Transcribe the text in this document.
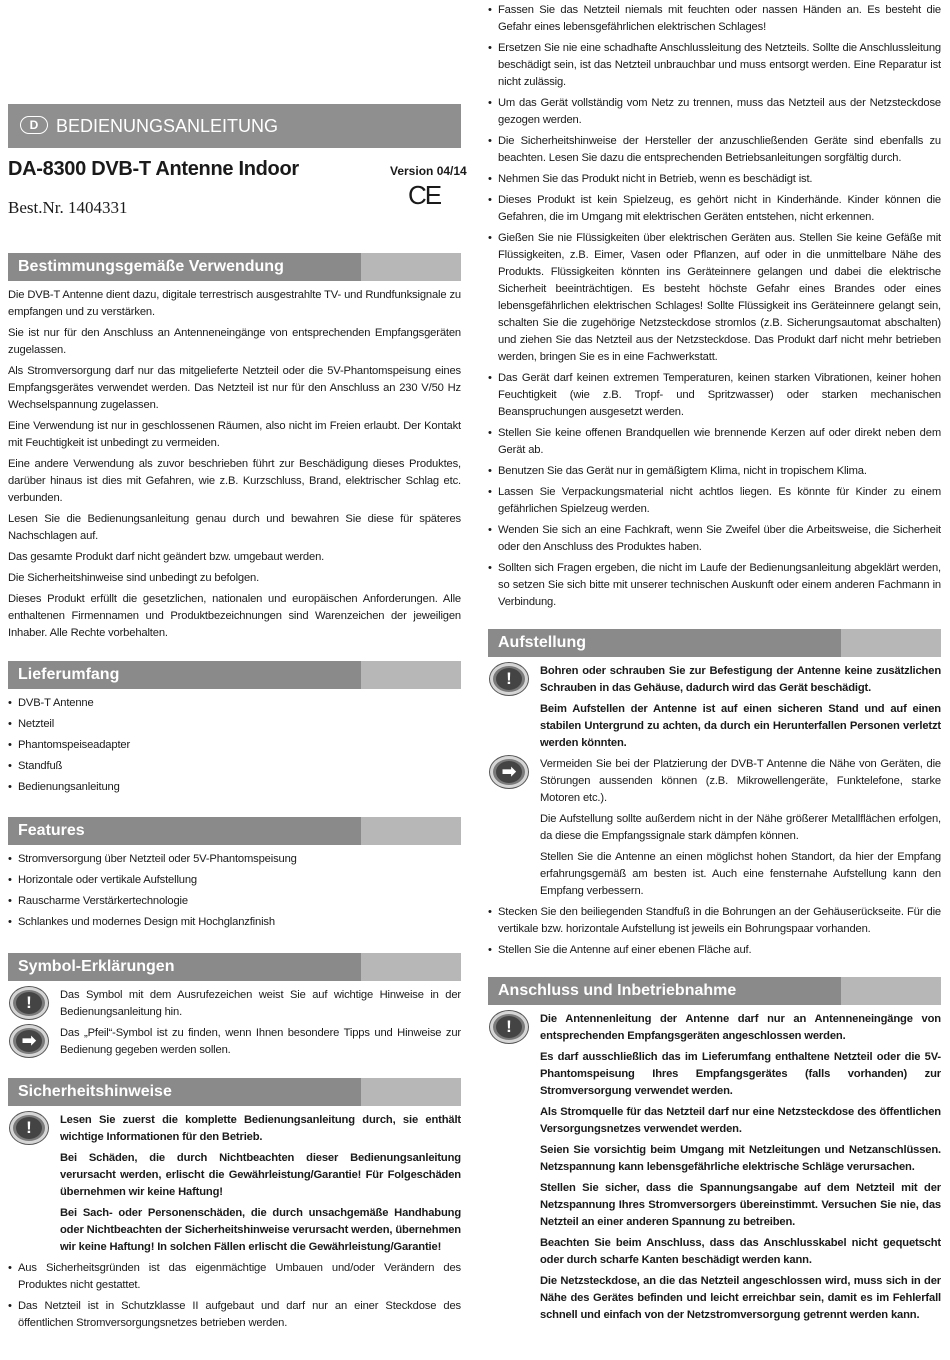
D BEDIENUNGSANLEITUNG
DA-8300 DVB-T Antenne Indoor
Best.Nr. 1404331
Version 04/14
CE
Bestimmungsgemäße Verwendung

Die DVB-T Antenne dient dazu, digitale terrestrisch ausgestrahlte TV- und Rundfunksignale zu empfangen und zu verstärken.

Sie ist nur für den Anschluss an Antenneneingänge von entsprechenden Empfangsgeräten zugelassen.

Als Stromversorgung darf nur das mitgelieferte Netzteil oder die 5V-Phantomspeisung eines Empfangsgerätes verwendet werden. Das Netzteil ist nur für den Anschluss an 230 V/50 Hz Wechselspannung zugelassen.

Eine Verwendung ist nur in geschlossenen Räumen, also nicht im Freien erlaubt. Der Kontakt mit Feuchtigkeit ist unbedingt zu vermeiden.

Eine andere Verwendung als zuvor beschrieben führt zur Beschädigung dieses Produktes, darüber hinaus ist dies mit Gefahren, wie z.B. Kurzschluss, Brand, elektrischer Schlag etc. verbunden.

Lesen Sie die Bedienungsanleitung genau durch und bewahren Sie diese für späteres Nachschlagen auf.

Das gesamte Produkt darf nicht geändert bzw. umgebaut werden.

Die Sicherheitshinweise sind unbedingt zu befolgen.

Dieses Produkt erfüllt die gesetzlichen, nationalen und europäischen Anforderungen. Alle enthaltenen Firmennamen und Produktbezeichnungen sind Warenzeichen der jeweiligen Inhaber. Alle Rechte vorbehalten.

Lieferumfang
• DVB-T Antenne
• Netzteil
• Phantomspeiseadapter
• Standfuß
• Bedienungsanleitung
Features
• Stromversorgung über Netzteil oder 5V-Phantomspeisung
• Horizontale oder vertikale Aufstellung
• Rauscharme Verstärkertechnologie
• Schlankes und modernes Design mit Hochglanzfinish
Symbol-Erklärungen
!	Das Symbol mit dem Ausrufezeichen weist Sie auf wichtige Hinweise in der Bedienungsanleitung hin.

➡	Das „Pfeil“-Symbol ist zu finden, wenn Ihnen besondere Tipps und Hinweise zur Bedienung gegeben werden sollen.

Sicherheitshinweise
!	Lesen Sie zuerst die komplette Bedienungsanleitung durch, sie enthält wichtige Informationen für den Betrieb.

Bei Schäden, die durch Nichtbeachten dieser Bedienungsanleitung verursacht werden, erlischt die Gewährleistung/Garantie! Für Folgeschäden übernehmen wir keine Haftung!

Bei Sach- oder Personenschäden, die durch unsachgemäße Handhabung oder Nichtbeachten der Sicherheitshinweise verursacht werden, übernehmen wir keine Haftung! In solchen Fällen erlischt die Gewährleistung/Garantie!

• Aus Sicherheitsgründen ist das eigenmächtige Umbauen und/oder Verändern des Produktes nicht gestattet.
• Das Netzteil ist in Schutzklasse II aufgebaut und darf nur an einer Steckdose des öffentlichen Stromversorgungsnetzes betrieben werden.
• Fassen Sie das Netzteil niemals mit feuchten oder nassen Händen an. Es besteht die Gefahr eines lebensgefährlichen elektrischen Schlages!
• Ersetzen Sie nie eine schadhafte Anschlussleitung des Netzteils. Sollte die Anschlussleitung beschädigt sein, ist das Netzteil unbrauchbar und muss entsorgt werden. Eine Reparatur ist nicht zulässig.
• Um das Gerät vollständig vom Netz zu trennen, muss das Netzteil aus der Netzsteckdose gezogen werden.
• Die Sicherheitshinweise der Hersteller der anzuschließenden Geräte sind ebenfalls zu beachten. Lesen Sie dazu die entsprechenden Betriebsanleitungen sorgfältig durch.
• Nehmen Sie das Produkt nicht in Betrieb, wenn es beschädigt ist.
• Dieses Produkt ist kein Spielzeug, es gehört nicht in Kinderhände. Kinder können die Gefahren, die im Umgang mit elektrischen Geräten entstehen, nicht erkennen.
• Gießen Sie nie Flüssigkeiten über elektrischen Geräten aus. Stellen Sie keine Gefäße mit Flüssigkeiten, z.B. Eimer, Vasen oder Pflanzen, auf oder in die unmittelbare Nähe des Produkts. Flüssigkeiten könnten ins Geräteinnere gelangen und dabei die elektrische Sicherheit beeinträchtigen. Es besteht höchste Gefahr eines Brandes oder eines lebensgefährlichen elektrischen Schlages! Sollte Flüssigkeit ins Geräteinnere gelangt sein, schalten Sie die zugehörige Netzsteckdose stromlos (z.B. Sicherungsautomat abschalten) und ziehen Sie das Netzteil aus der Netzsteckdose. Das Produkt darf nicht mehr betrieben werden, bringen Sie es in eine Fachwerkstatt.
• Das Gerät darf keinen extremen Temperaturen, keinen starken Vibrationen, keiner hohen Feuchtigkeit (wie z.B. Tropf- und Spritzwasser) oder starken mechanischen Beanspruchungen ausgesetzt werden.
• Stellen Sie keine offenen Brandquellen wie brennende Kerzen auf oder direkt neben dem Gerät ab.
• Benutzen Sie das Gerät nur in gemäßigtem Klima, nicht in tropischem Klima.
• Lassen Sie Verpackungsmaterial nicht achtlos liegen. Es könnte für Kinder zu einem gefährlichen Spielzeug werden.
• Wenden Sie sich an eine Fachkraft, wenn Sie Zweifel über die Arbeitsweise, die Sicherheit oder den Anschluss des Produktes haben.
• Sollten sich Fragen ergeben, die nicht im Laufe der Bedienungsanleitung abgeklärt werden, so setzen Sie sich bitte mit unserer technischen Auskunft oder einem anderen Fachmann in Verbindung.
Aufstellung
!	Bohren oder schrauben Sie zur Befestigung der Antenne keine zusätzlichen Schrauben in das Gehäuse, dadurch wird das Gerät beschädigt.

Beim Aufstellen der Antenne ist auf einen sicheren Stand und auf einen stabilen Untergrund zu achten, da durch ein Herunterfallen Personen verletzt werden könnten.

➡	Vermeiden Sie bei der Platzierung der DVB-T Antenne die Nähe von Geräten, die Störungen aussenden können (z.B. Mikrowellengeräte, Funktelefone, starke Motoren etc.).

Die Aufstellung sollte außerdem nicht in der Nähe größerer Metallflächen erfolgen, da diese die Empfangssignale stark dämpfen können.

Stellen Sie die Antenne an einen möglichst hohen Standort, da hier der Empfang erfahrungsgemäß am besten ist. Auch eine fensternahe Aufstellung kann den Empfang verbessern.

• Stecken Sie den beiliegenden Standfuß in die Bohrungen an der Gehäuserückseite. Für die vertikale bzw. horizontale Aufstellung ist jeweils ein Bohrungspaar vorhanden.
• Stellen Sie die Antenne auf einer ebenen Fläche auf.
Anschluss und Inbetriebnahme
!	Die Antennenleitung der Antenne darf nur an Antenneneingänge von entsprechenden Empfangsgeräten angeschlossen werden.

Es darf ausschließlich das im Lieferumfang enthaltene Netzteil oder die 5V-Phantomspeisung Ihres Empfangsgerätes (falls vorhanden) zur Stromversorgung verwendet werden.

Als Stromquelle für das Netzteil darf nur eine Netzsteckdose des öffentlichen Versorgungsnetzes verwendet werden.

Seien Sie vorsichtig beim Umgang mit Netzleitungen und Netzanschlüssen. Netzspannung kann lebensgefährliche elektrische Schläge verursachen.

Stellen Sie sicher, dass die Spannungsangabe auf dem Netzteil mit der Netzspannung Ihres Stromversorgers übereinstimmt. Versuchen Sie nie, das Netzteil an einer anderen Spannung zu betreiben.

Beachten Sie beim Anschluss, dass das Anschlusskabel nicht gequetscht oder durch scharfe Kanten beschädigt werden kann.

Die Netzsteckdose, an die das Netzteil angeschlossen wird, muss sich in der Nähe des Gerätes befinden und leicht erreichbar sein, damit es im Fehlerfall schnell und einfach von der Netzstromversorgung getrennt werden kann.
